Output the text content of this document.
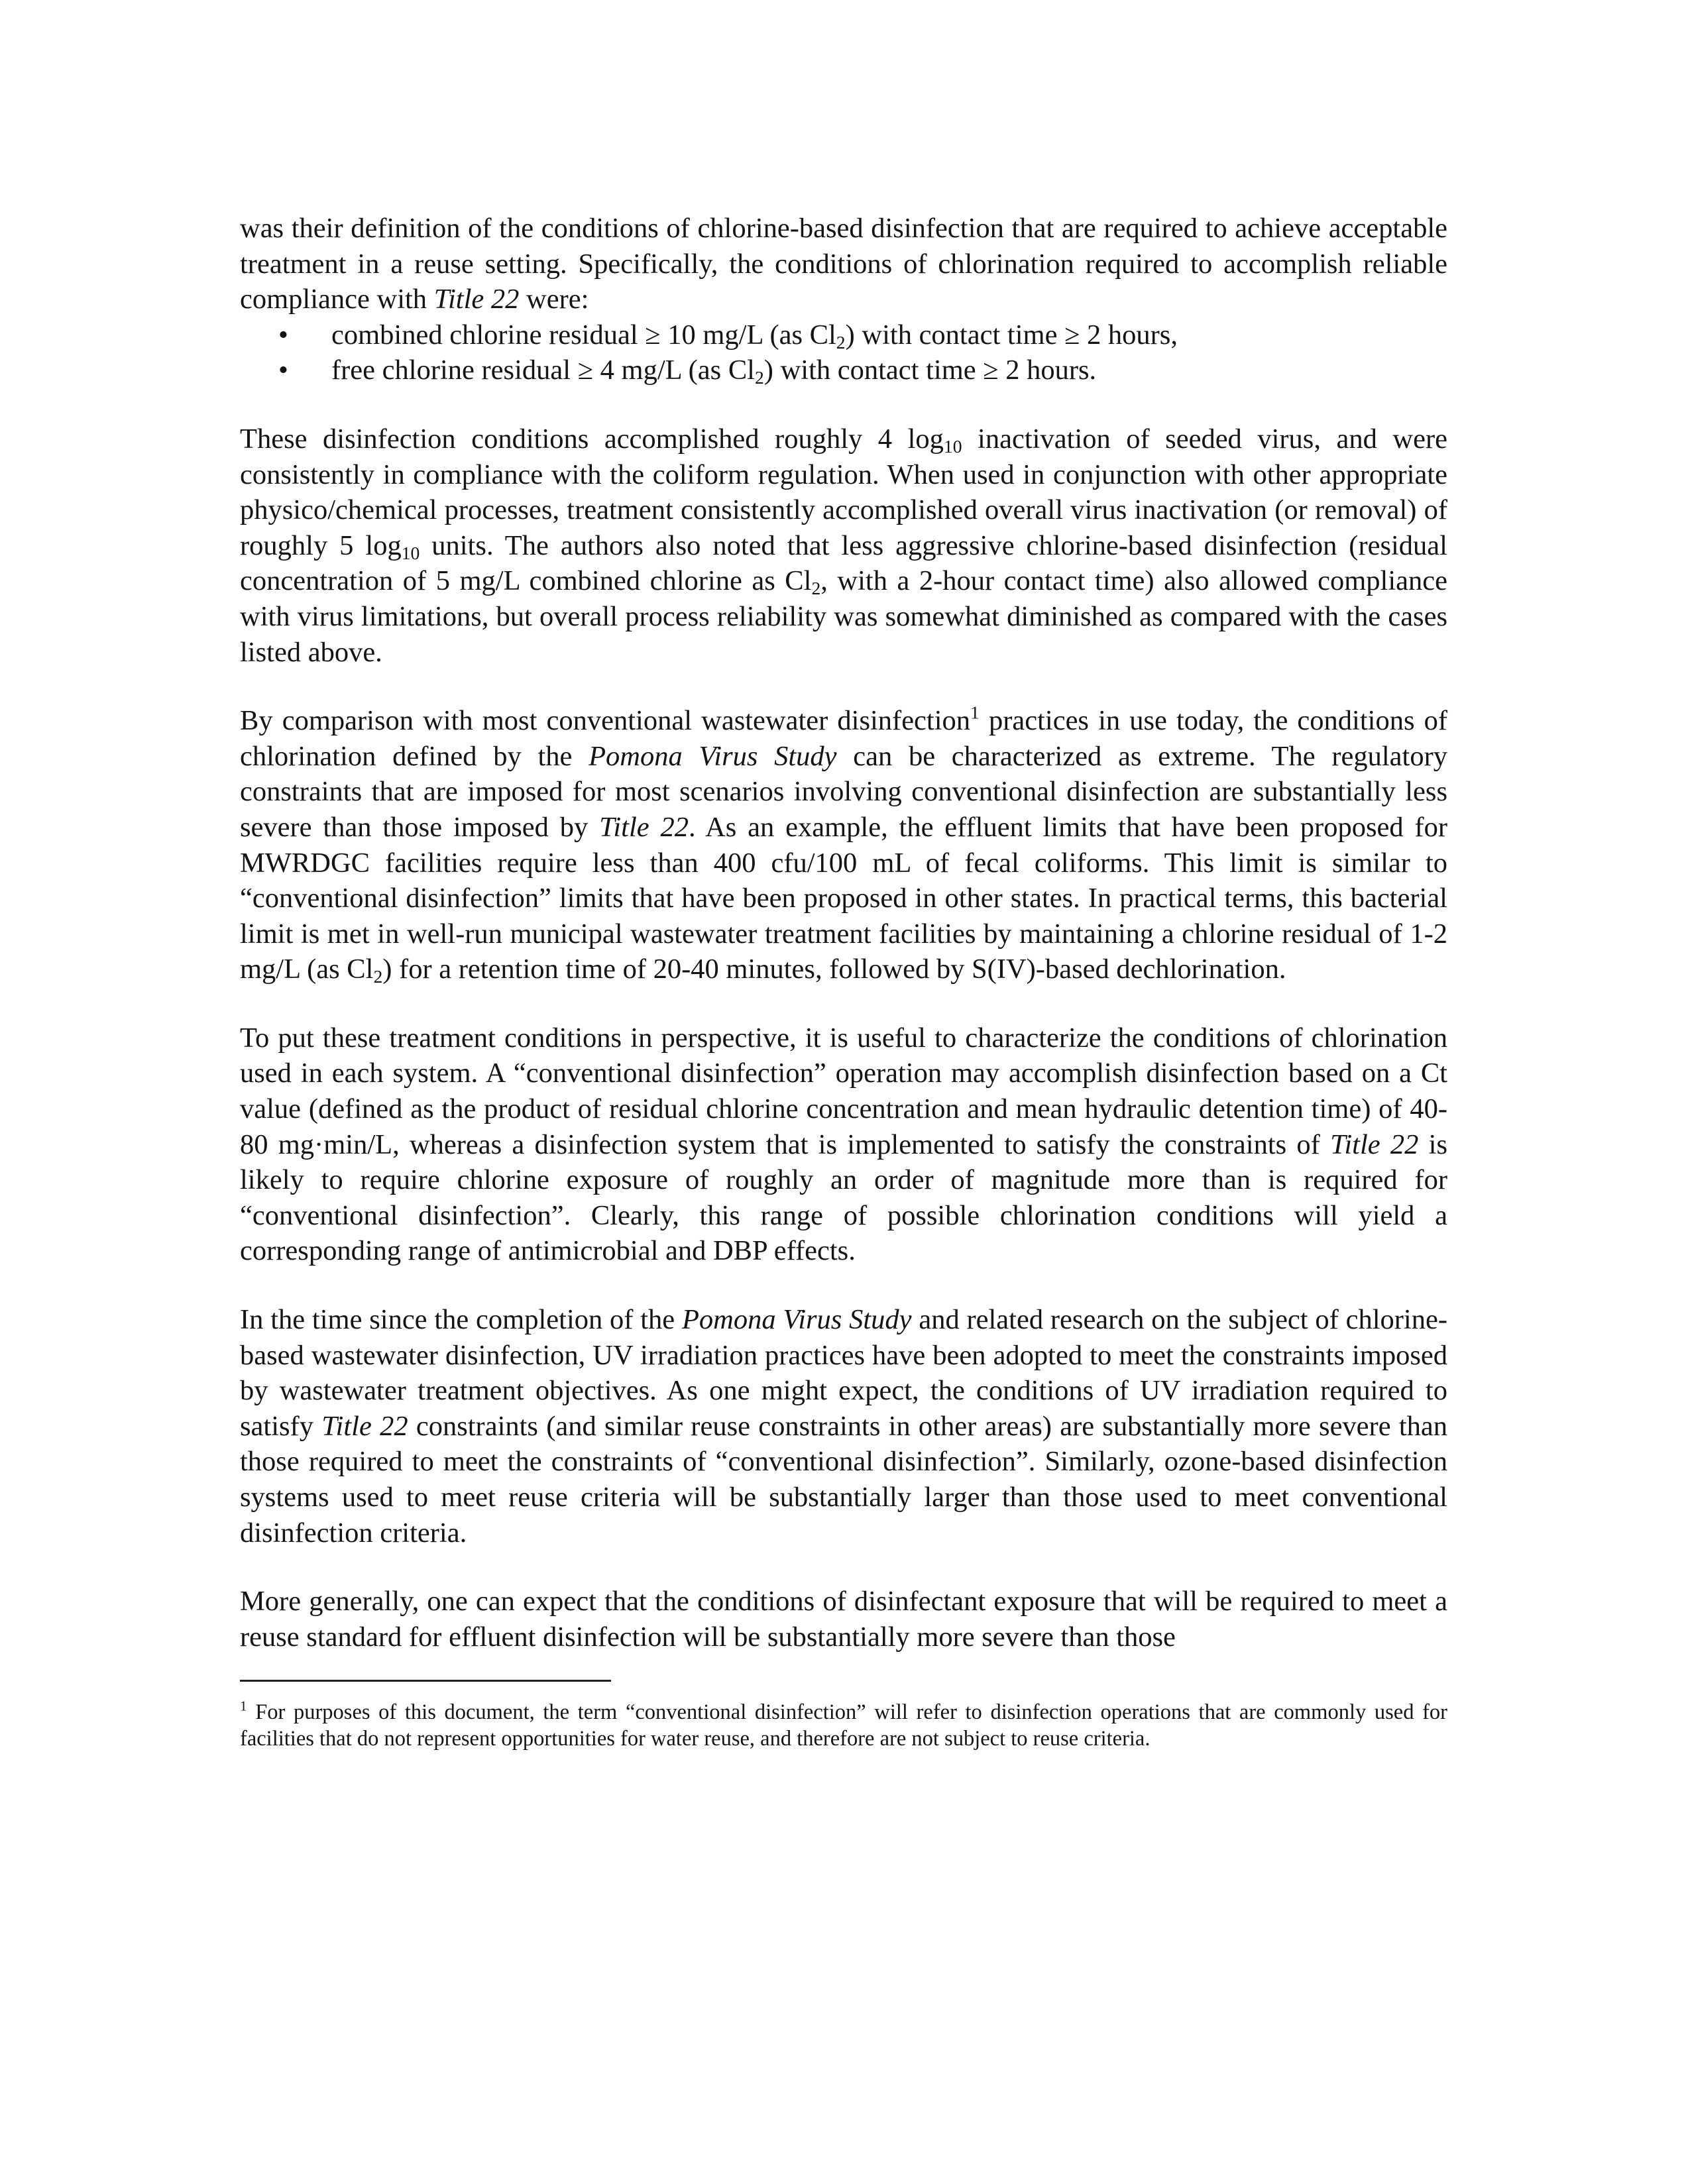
was their definition of the conditions of chlorine-based disinfection that are required to achieve acceptable treatment in a reuse setting. Specifically, the conditions of chlorination required to accomplish reliable compliance with Title 22 were:

• combined chlorine residual ≥ 10 mg/L (as $Cl_2$) with contact time ≥ 2 hours,
• free chlorine residual ≥ 4 mg/L (as $Cl_2$) with contact time ≥ 2 hours.

These disinfection conditions accomplished roughly 4 $\log_{10}$ inactivation of seeded virus, and were consistently in compliance with the coliform regulation. When used in conjunction with other appropriate physico/chemical processes, treatment consistently accomplished overall virus inactivation (or removal) of roughly 5 $\log_{10}$ units. The authors also noted that less aggressive chlorine-based disinfection (residual concentration of 5 mg/L combined chlorine as $Cl_2$, with a 2-hour contact time) also allowed compliance with virus limitations, but overall process reliability was somewhat diminished as compared with the cases listed above.

By comparison with most conventional wastewater disinfection$^1$ practices in use today, the conditions of chlorination defined by the Pomona Virus Study can be characterized as extreme. The regulatory constraints that are imposed for most scenarios involving conventional disinfection are substantially less severe than those imposed by Title 22. As an example, the effluent limits that have been proposed for MWRDGC facilities require less than 400 cfu/100 mL of fecal coliforms. This limit is similar to “conventional disinfection” limits that have been proposed in other states. In practical terms, this bacterial limit is met in well-run municipal wastewater treatment facilities by maintaining a chlorine residual of 1-2 mg/L (as $Cl_2$) for a retention time of 20-40 minutes, followed by S(IV)-based dechlorination.

To put these treatment conditions in perspective, it is useful to characterize the conditions of chlorination used in each system. A “conventional disinfection” operation may accomplish disinfection based on a Ct value (defined as the product of residual chlorine concentration and mean hydraulic detention time) of 40-80 mg·min/L, whereas a disinfection system that is implemented to satisfy the constraints of Title 22 is likely to require chlorine exposure of roughly an order of magnitude more than is required for “conventional disinfection”. Clearly, this range of possible chlorination conditions will yield a corresponding range of antimicrobial and DBP effects.

In the time since the completion of the Pomona Virus Study and related research on the subject of chlorine-based wastewater disinfection, UV irradiation practices have been adopted to meet the constraints imposed by wastewater treatment objectives. As one might expect, the conditions of UV irradiation required to satisfy Title 22 constraints (and similar reuse constraints in other areas) are substantially more severe than those required to meet the constraints of “conventional disinfection”. Similarly, ozone-based disinfection systems used to meet reuse criteria will be substantially larger than those used to meet conventional disinfection criteria.

More generally, one can expect that the conditions of disinfectant exposure that will be required to meet a reuse standard for effluent disinfection will be substantially more severe than those

$^1$ For purposes of this document, the term “conventional disinfection” will refer to disinfection operations that are commonly used for facilities that do not represent opportunities for water reuse, and therefore are not subject to reuse criteria.
